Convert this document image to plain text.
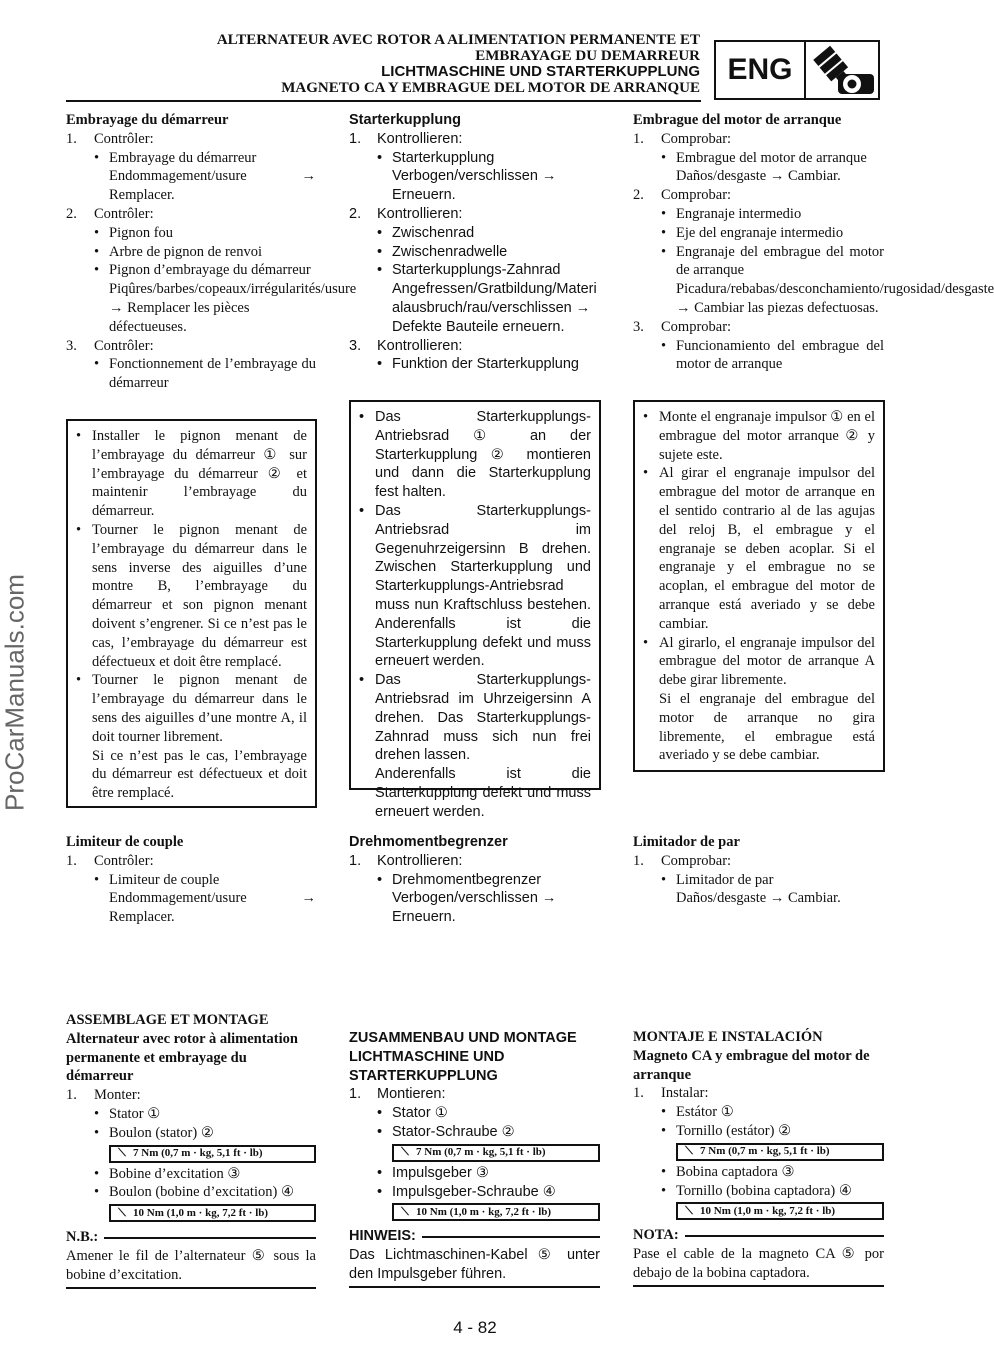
ALTERNATEUR AVEC ROTOR A ALIMENTATION PERMANENTE ET
EMBRAYAGE DU DEMARREUR
LICHTMASCHINE UND STARTERKUPPLUNG
MAGNETO CA Y EMBRAGUE DEL MOTOR DE ARRANQUE
ENG
ProCarManuals.com
Embrayage du démarreur
1.	Contrôler:
• Embrayage du démarreur
Endommagement/usure → Remplacer.
2.	Contrôler:
• Pignon fou
• Arbre de pignon de renvoi
• Pignon d’embrayage du démarreur
Piqûres/barbes/copeaux/irrégularités/usure → Remplacer les pièces défectueuses.
3.	Contrôler:
• Fonctionnement de l’embrayage du démarreur
• Installer le pignon menant de l’embrayage du démarreur ① sur l’embrayage du démarreur ② et maintenir l’embrayage du démarreur.
• Tourner le pignon menant de l’embrayage du démarreur dans le sens inverse des aiguilles d’une montre B, l’embrayage du démarreur et son pignon menant doivent s’engrener. Si ce n’est pas le cas, l’embrayage du démarreur est défectueux et doit être remplacé.
• Tourner le pignon menant de l’embrayage du démarreur dans le sens des aiguilles d’une montre A, il doit tourner librement.
Si ce n’est pas le cas, l’embrayage du démarreur est défectueux et doit être remplacé.
Limiteur de couple
1.	Contrôler:
• Limiteur de couple
Endommagement/usure → Remplacer.
ASSEMBLAGE ET MONTAGE
Alternateur avec rotor à alimentation permanente et embrayage du démarreur
1.	Monter:
• Stator ①
• Boulon (stator) ②
⟍ 7 Nm (0,7 m · kg, 5,1 ft · lb)
• Bobine d’excitation ③
• Boulon (bobine d’excitation) ④
⟍ 10 Nm (1,0 m · kg, 7,2 ft · lb)
N.B.:
Amener le fil de l’alternateur ⑤ sous la bobine d’excitation.
Starterkupplung
1.	Kontrollieren:
• Starterkupplung
Verbogen/verschlissen → Erneuern.
2.	Kontrollieren:
• Zwischenrad
• Zwischenradwelle
• Starterkupplungs-Zahnrad
Angefressen/Gratbildung/Materialausbruch/rau/verschlissen → Defekte Bauteile erneuern.
3.	Kontrollieren:
• Funktion der Starterkupplung
• Das Starterkupplungs-Antriebsrad ① an der Starterkupplung ② montieren und dann die Starterkupplung fest halten.
• Das Starterkupplungs-Antriebsrad im Gegenuhrzeigersinn B drehen. Zwischen Starterkupplung und Starterkupplungs-Antriebsrad muss nun Kraftschluss bestehen. Anderenfalls ist die Starterkupplung defekt und muss erneuert werden.
• Das Starterkupplungs-Antriebsrad im Uhrzeigersinn A drehen. Das Starterkupplungs-Zahnrad muss sich nun frei drehen lassen.
Anderenfalls ist die Starterkupplung defekt und muss erneuert werden.
Drehmomentbegrenzer
1.	Kontrollieren:
• Drehmomentbegrenzer
Verbogen/verschlissen → Erneuern.
ZUSAMMENBAU UND MONTAGE
LICHTMASCHINE UND STARTERKUPPLUNG
1.	Montieren:
• Stator ①
• Stator-Schraube ②
⟍ 7 Nm (0,7 m · kg, 5,1 ft · lb)
• Impulsgeber ③
• Impulsgeber-Schraube ④
⟍ 10 Nm (1,0 m · kg, 7,2 ft · lb)
HINWEIS:
Das Lichtmaschinen-Kabel ⑤ unter den Impulsgeber führen.
Embrague del motor de arranque
1.	Comprobar:
• Embrague del motor de arranque
Daños/desgaste → Cambiar.
2.	Comprobar:
• Engranaje intermedio
• Eje del engranaje intermedio
• Engranaje del embrague del motor de arranque
Picadura/rebabas/desconchamiento/rugosidad/desgaste → Cambiar las piezas defectuosas.
3.	Comprobar:
• Funcionamiento del embrague del motor de arranque
• Monte el engranaje impulsor ① en el embrague del motor arranque ② y sujete este.
• Al girar el engranaje impulsor del embrague del motor de arranque en el sentido contrario al de las agujas del reloj B, el embrague y el engranaje se deben acoplar. Si el engranaje y el embrague no se acoplan, el embrague del motor de arranque está averiado y se debe cambiar.
• Al girarlo, el engranaje impulsor del embrague del motor de arranque A debe girar libremente.
Si el engranaje del embrague del motor de arranque no gira libremente, el embrague está averiado y se debe cambiar.
Limitador de par
1.	Comprobar:
• Limitador de par
Daños/desgaste → Cambiar.
MONTAJE E INSTALACIÓN
Magneto CA y embrague del motor de arranque
1.	Instalar:
• Estátor ①
• Tornillo (estátor) ②
⟍ 7 Nm (0,7 m · kg, 5,1 ft · lb)
• Bobina captadora ③
• Tornillo (bobina captadora) ④
⟍ 10 Nm (1,0 m · kg, 7,2 ft · lb)
NOTA:
Pase el cable de la magneto CA ⑤ por debajo de la bobina captadora.
4 - 82
